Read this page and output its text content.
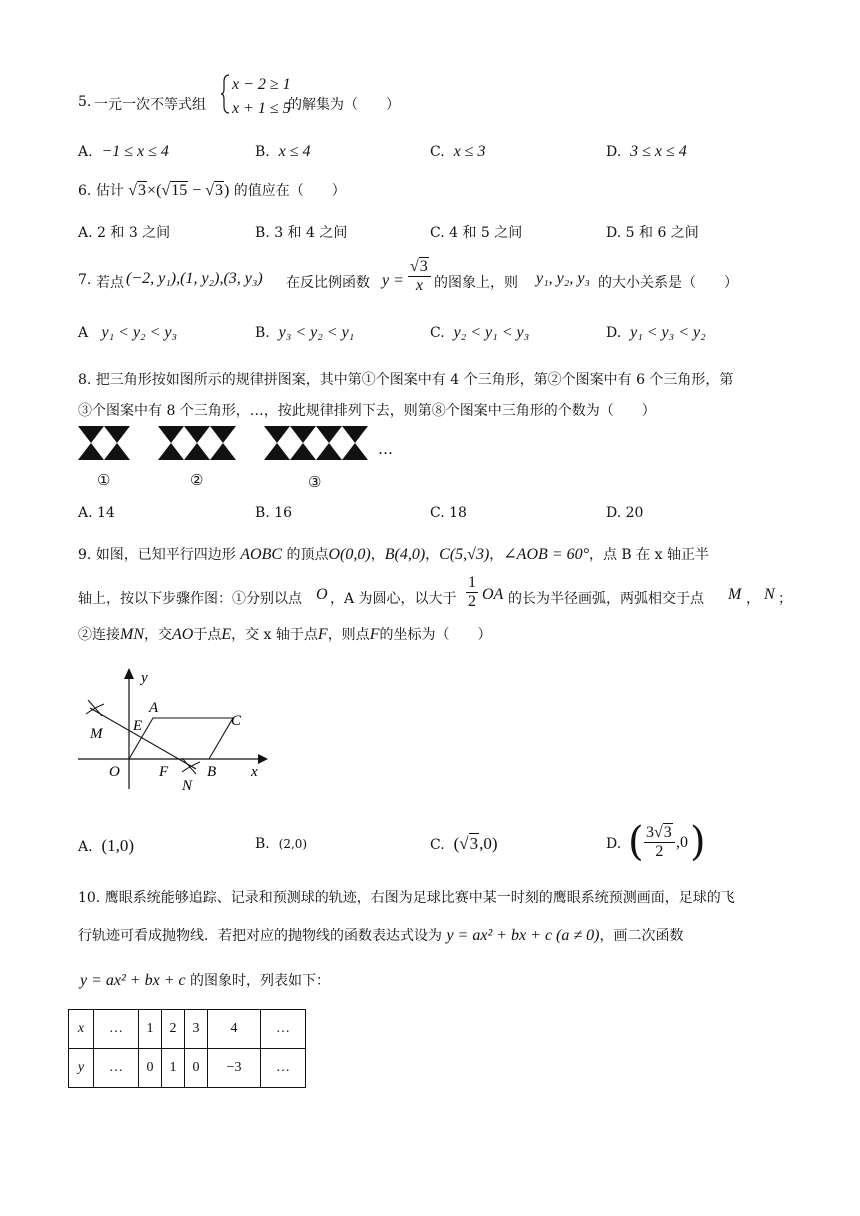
5. 一元一次不等式组
x − 2 ≥ 1
x + 1 ≤ 5
的解集为（　　）
A. −1 ≤ x ≤ 4	B. x ≤ 4	C. x ≤ 3	D. 3 ≤ x ≤ 4
6. 估计 √3×(√15 − √3) 的值应在（　　）
A. 2 和 3 之间	B. 3 和 4 之间	C. 4 和 5 之间	D. 5 和 6 之间
7. 若点 (−2, y₁),(1, y₂),(3, y₃) 在反比例函数 $y = \frac{√3}{x}$ 的图象上，则 y₁, y₂, y₃ 的大小关系是（　　）
A y₁ < y₂ < y₃	B. y₃ < y₂ < y₁	C. y₂ < y₁ < y₃	D. y₁ < y₃ < y₂
8. 把三角形按如图所示的规律拼图案，其中第①个图案中有 4 个三角形，第②个图案中有 6 个三角形，第
③个图案中有 8 个三角形，…，按此规律排列下去，则第⑧个图案中三角形的个数为（　　）
…
①	②	③
A. 14	B. 16	C. 18	D. 20
9. 如图，已知平行四边形 AOBC 的顶点O(0,0)，B(4,0)，C(5,√3)，∠AOB = 60°，点 B 在 x 轴正半
轴上，按以下步骤作图：①分别以点 O ，A 为圆心，以大于 $\frac{1}{2}$ OA 的长为半径画弧，两弧相交于点 M ， N ；
②连接MN，交AO于点E，交 x 轴于点F，则点F的坐标为（　　）
y
x
A
C
E
M
O	F	B
N
A. (1,0)	B. (2,0)	C. (√3,0)	D. ( $\frac{3√3}{2} ,0$ )
10. 鹰眼系统能够追踪、记录和预测球的轨迹，右图为足球比赛中某一时刻的鹰眼系统预测画面，足球的飞
行轨迹可看成抛物线．若把对应的抛物线的函数表达式设为 y = ax² + bx + c (a ≠ 0)，画二次函数
y = ax² + bx + c 的图象时，列表如下：
x	…	1	2	3	4	…
y	…	0	1	0	−3	…
